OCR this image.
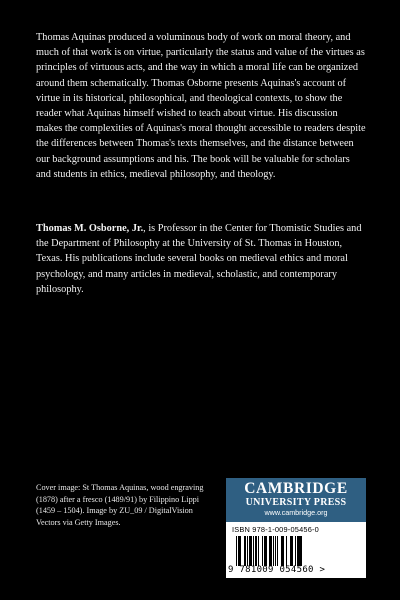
Thomas Aquinas produced a voluminous body of work on moral theory, and much of that work is on virtue, particularly the status and value of the virtues as principles of virtuous acts, and the way in which a moral life can be organized around them schematically. Thomas Osborne presents Aquinas's account of virtue in its historical, philosophical, and theological contexts, to show the reader what Aquinas himself wished to teach about virtue. His discussion makes the complexities of Aquinas's moral thought accessible to readers despite the differences between Thomas's texts themselves, and the distance between our background assumptions and his. The book will be valuable for scholars and students in ethics, medieval philosophy, and theology.
Thomas M. Osborne, Jr., is Professor in the Center for Thomistic Studies and the Department of Philosophy at the University of St. Thomas in Houston, Texas. His publications include several books on medieval ethics and moral psychology, and many articles in medieval, scholastic, and contemporary philosophy.
Cover image: St Thomas Aquinas, wood engraving (1878) after a fresco (1489/91) by Filippino Lippi (1459 – 1504). Image by ZU_09 / DigitalVision Vectors via Getty Images.
CAMBRIDGE
UNIVERSITY PRESS
www.cambridge.org
ISBN 978-1-009-05456-0
9 781009 054560 >
